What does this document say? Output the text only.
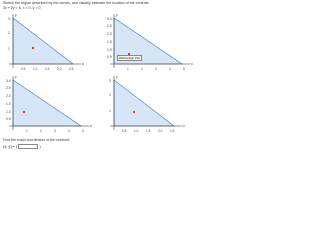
Sketch the region described by the curves, and visually estimate the location of the centroid.
3x + 2y = 6, x = 0, y = 0
y
x
3
2
1
0.5 1.0 1.5 2.0 2.5
y
x
3.0
2.5
2.0
1.5
1.0
0.5
1	2	3	4	5
WebAssign Plot
y
x
3.0
2.5
2.0
1.5
1.0
0.5
1	2	3	4	5
y
x
3
2
1
0.5 1.0 1.5 2.0 2.5
Find the exact coordinates of the centroid.
(x̄, ȳ) = (	)
